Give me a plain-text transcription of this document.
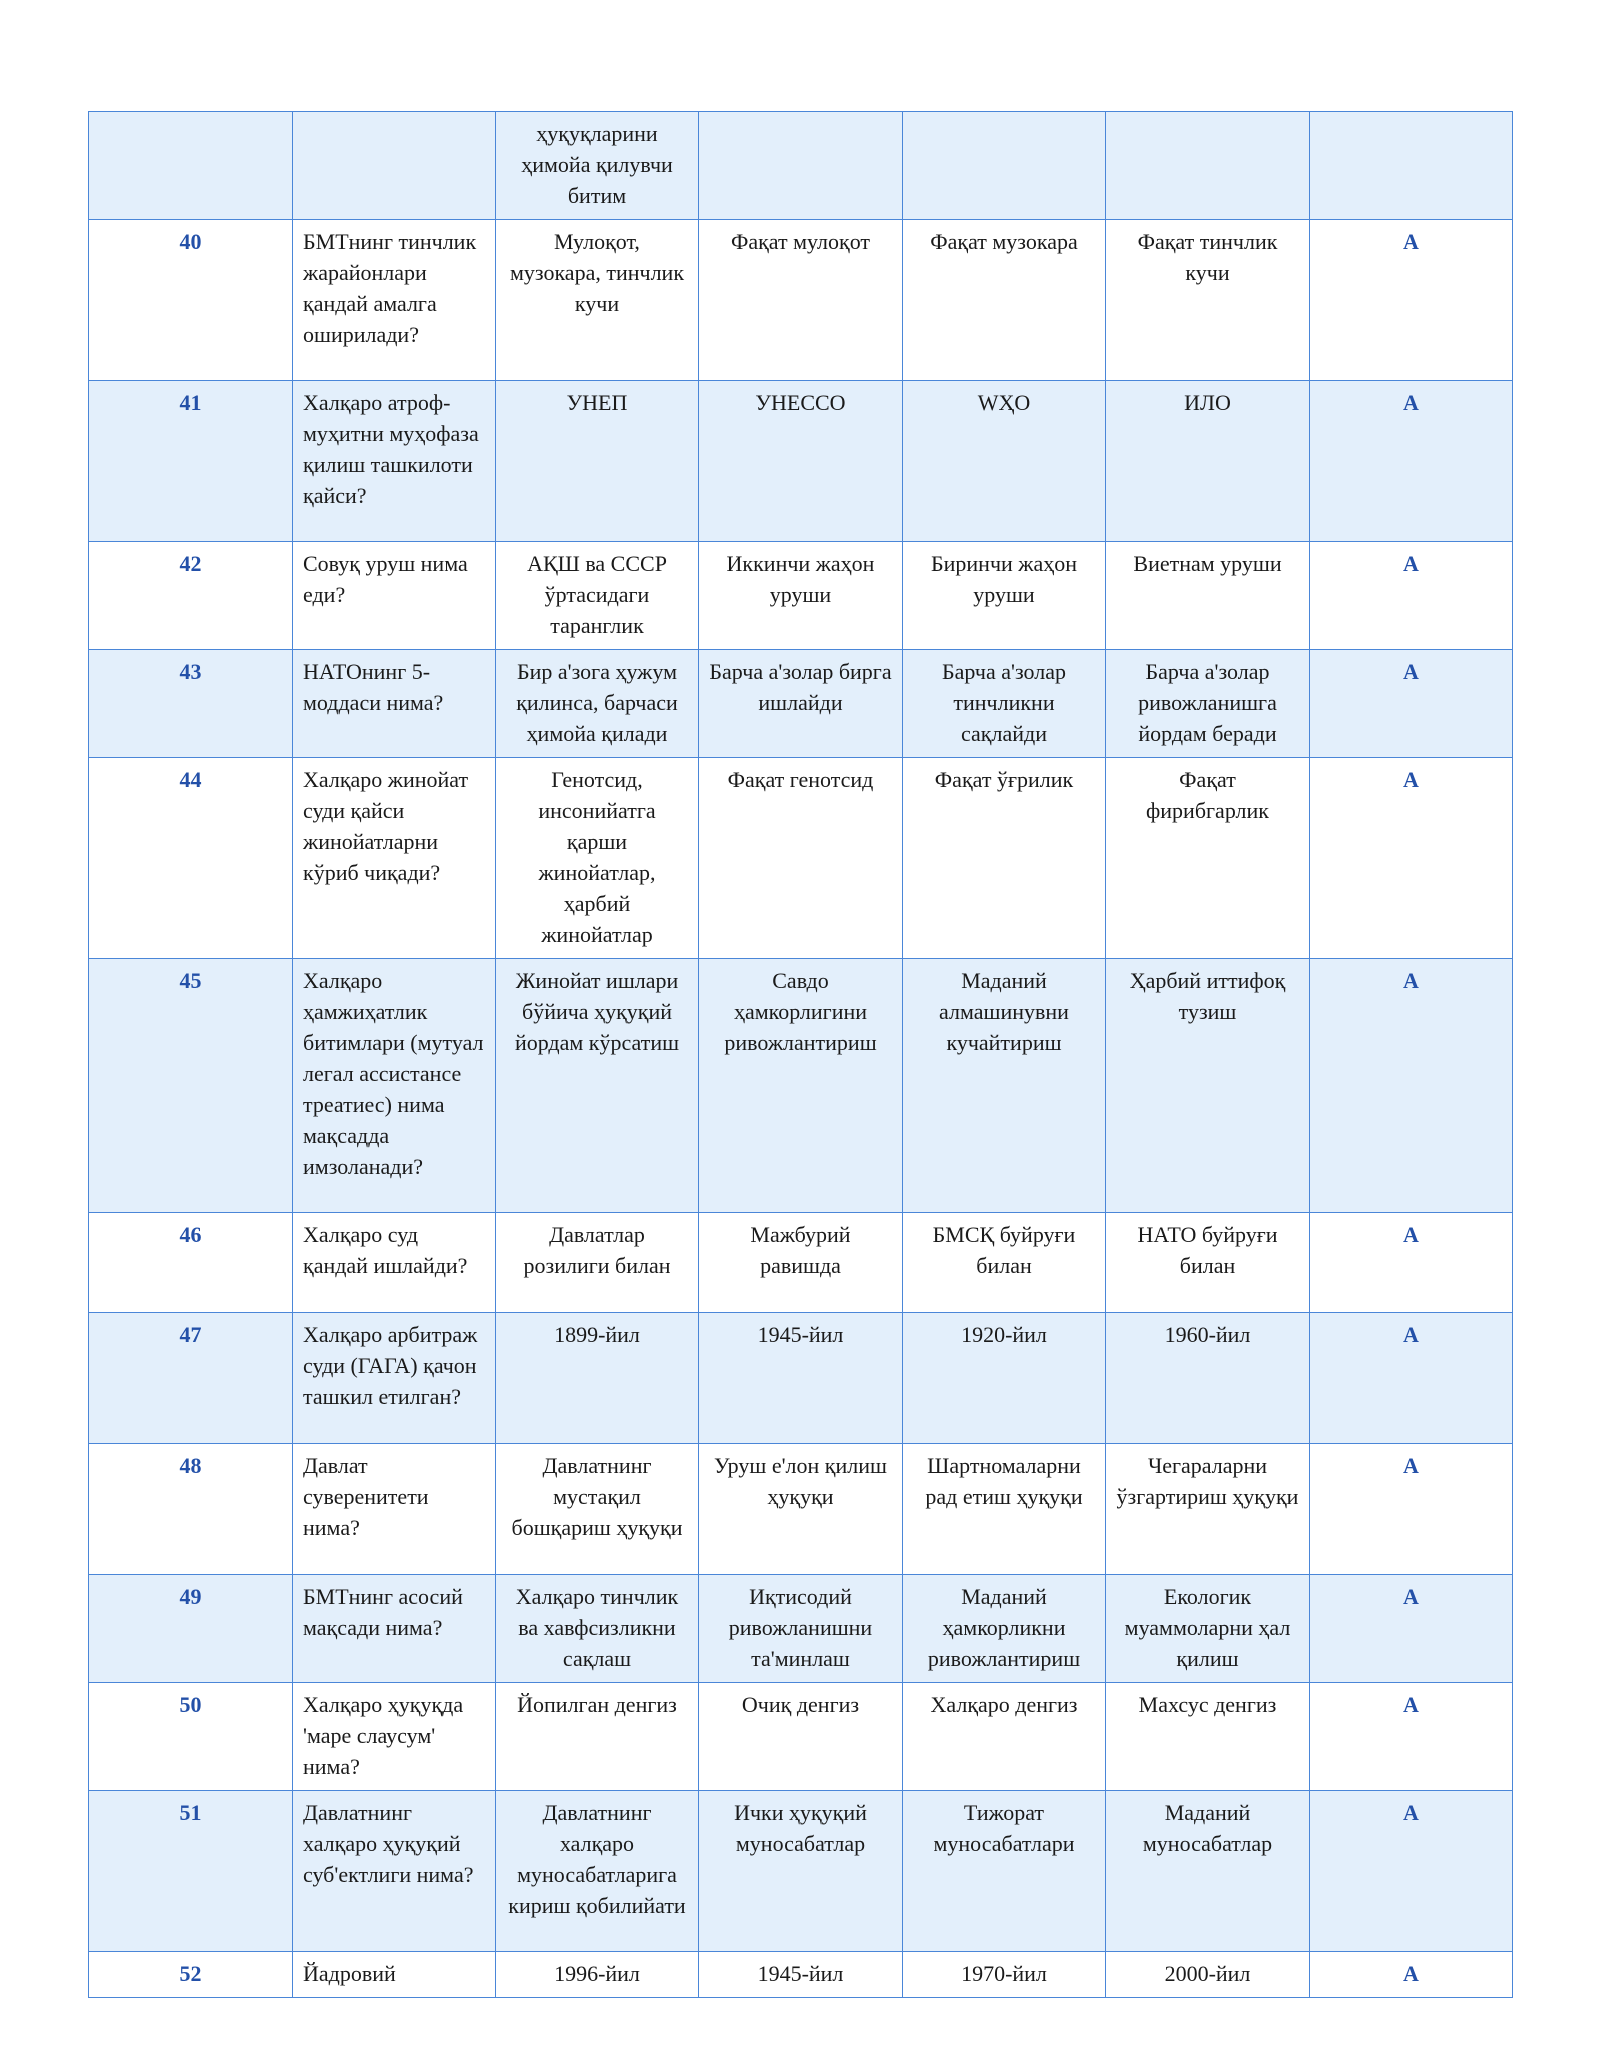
		ҳуқуқларини ҳимойа қилувчи битим				
40	БМТнинг тинчлик жарайонлари қандай амалга оширилади?	Мулоқот, музокара, тинчлик кучи	Фақат мулоқот	Фақат музокара	Фақат тинчлик кучи	A
41	Халқаро атроф-муҳитни муҳофаза қилиш ташкилоти қайси?	УНЕП	УНЕССО	WҲО	ИЛО	A
42	Совуқ уруш нима еди?	АҚШ ва СССР ўртасидаги таранглик	Иккинчи жаҳон уруши	Биринчи жаҳон уруши	Виетнам уруши	A
43	НАТОнинг 5-моддаси нима?	Бир а'зога ҳужум қилинса, барчаси ҳимойа қилади	Барча а'золар бирга ишлайди	Барча а'золар тинчликни сақлайди	Барча а'золар ривожланишга йордам беради	A
44	Халқаро жинойат суди қайси жинойатларни кўриб чиқади?	Генотсид, инсонийатга қарши жинойатлар, ҳарбий жинойатлар	Фақат генотсид	Фақат ўғрилик	Фақат фирибгарлик	A
45	Халқаро ҳамжиҳатлик битимлари (мутуал легал ассистансе треатиес) нима мақсадда имзоланади?	Жинойат ишлари бўйича ҳуқуқий йордам кўрсатиш	Савдо ҳамкорлигини ривожлантириш	Маданий алмашинувни кучайтириш	Ҳарбий иттифоқ тузиш	A
46	Халқаро суд қандай ишлайди?	Давлатлар розилиги билан	Мажбурий равишда	БМСҚ буйруғи билан	НАТО буйруғи билан	A
47	Халқаро арбитраж суди (ГАГА) қачон ташкил етилган?	1899-йил	1945-йил	1920-йил	1960-йил	A
48	Давлат суверенитети нима?	Давлатнинг мустақил бошқариш ҳуқуқи	Уруш е'лон қилиш ҳуқуқи	Шартномаларни рад етиш ҳуқуқи	Чегараларни ўзгартириш ҳуқуқи	A
49	БМТнинг асосий мақсади нима?	Халқаро тинчлик ва хавфсизликни сақлаш	Иқтисодий ривожланишни та'минлаш	Маданий ҳамкорликни ривожлантириш	Екологик муаммоларни ҳал қилиш	A
50	Халқаро ҳуқуқда 'маре слаусум' нима?	Йопилган денгиз	Очиқ денгиз	Халқаро денгиз	Махсус денгиз	A
51	Давлатнинг халқаро ҳуқуқий суб'ектлиги нима?	Давлатнинг халқаро муносабатларига кириш қобилийати	Ички ҳуқуқий муносабатлар	Тижорат муносабатлари	Маданий муносабатлар	A
52	Йадровий	1996-йил	1945-йил	1970-йил	2000-йил	A
